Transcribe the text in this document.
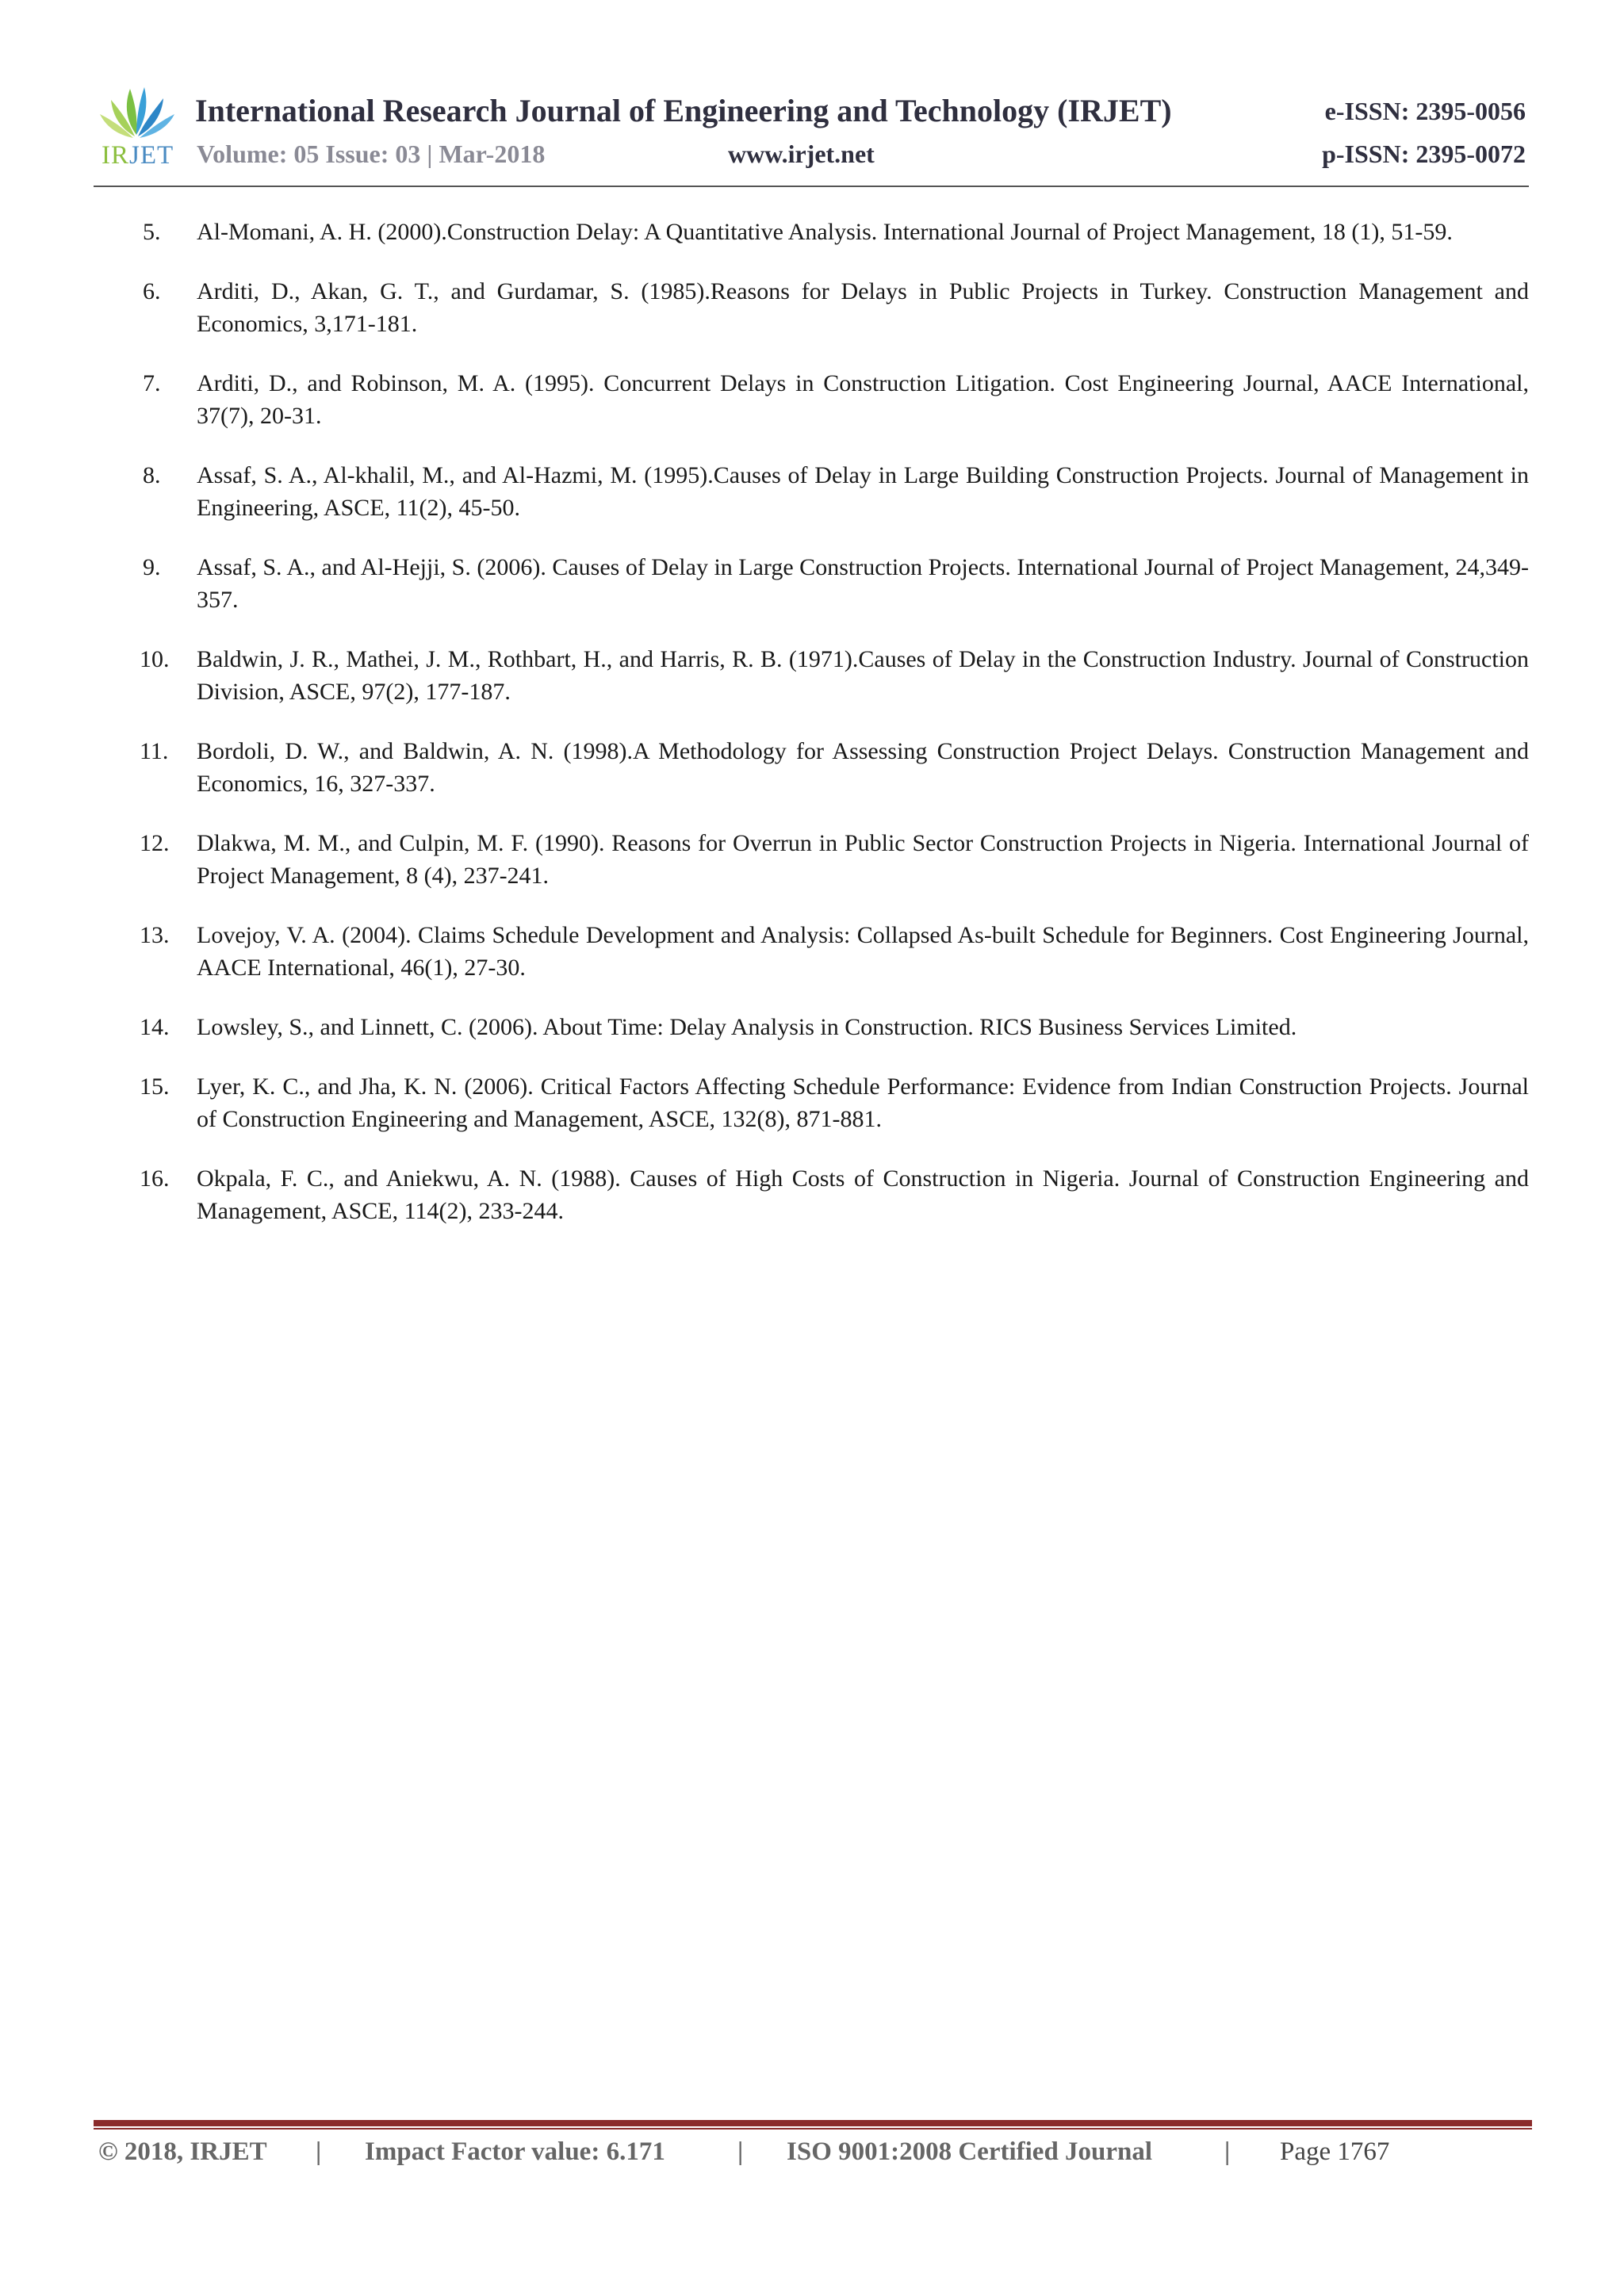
IRJET
International Research Journal of Engineering and Technology (IRJET)
Volume: 05 Issue: 03 | Mar-2018	www.irjet.net
e-ISSN: 2395-0056
p-ISSN: 2395-0072
5.	Al-Momani, A. H. (2000).Construction Delay: A Quantitative Analysis. International Journal of Project Management, 18 (1), 51-59.
6.	Arditi, D., Akan, G. T., and Gurdamar, S. (1985).Reasons for Delays in Public Projects in Turkey. Construction Management and Economics, 3,171-181.
7.	Arditi, D., and Robinson, M. A. (1995). Concurrent Delays in Construction Litigation. Cost Engineering Journal, AACE International, 37(7), 20-31.
8.	Assaf, S. A., Al-khalil, M., and Al-Hazmi, M. (1995).Causes of Delay in Large Building Construction Projects. Journal of Management in Engineering, ASCE, 11(2), 45-50.
9.	Assaf, S. A., and Al-Hejji, S. (2006). Causes of Delay in Large Construction Projects. International Journal of Project Management, 24,349-357.
10.	Baldwin, J. R., Mathei, J. M., Rothbart, H., and Harris, R. B. (1971).Causes of Delay in the Construction Industry. Journal of Construction Division, ASCE, 97(2), 177-187.
11.	Bordoli, D. W., and Baldwin, A. N. (1998).A Methodology for Assessing Construction Project Delays. Construction Management and Economics, 16, 327-337.
12.	Dlakwa, M. M., and Culpin, M. F. (1990). Reasons for Overrun in Public Sector Construction Projects in Nigeria. International Journal of Project Management, 8 (4), 237-241.
13.	Lovejoy, V. A. (2004). Claims Schedule Development and Analysis: Collapsed As-built Schedule for Beginners. Cost Engineering Journal, AACE International, 46(1), 27-30.
14.	Lowsley, S., and Linnett, C. (2006). About Time: Delay Analysis in Construction. RICS Business Services Limited.
15.	Lyer, K. C., and Jha, K. N. (2006). Critical Factors Affecting Schedule Performance: Evidence from Indian Construction Projects. Journal of Construction Engineering and Management, ASCE, 132(8), 871-881.
16.	Okpala, F. C., and Aniekwu, A. N. (1988). Causes of High Costs of Construction in Nigeria. Journal of Construction Engineering and Management, ASCE, 114(2), 233-244.
© 2018, IRJET | Impact Factor value: 6.171	| ISO 9001:2008 Certified Journal	| Page 1767
